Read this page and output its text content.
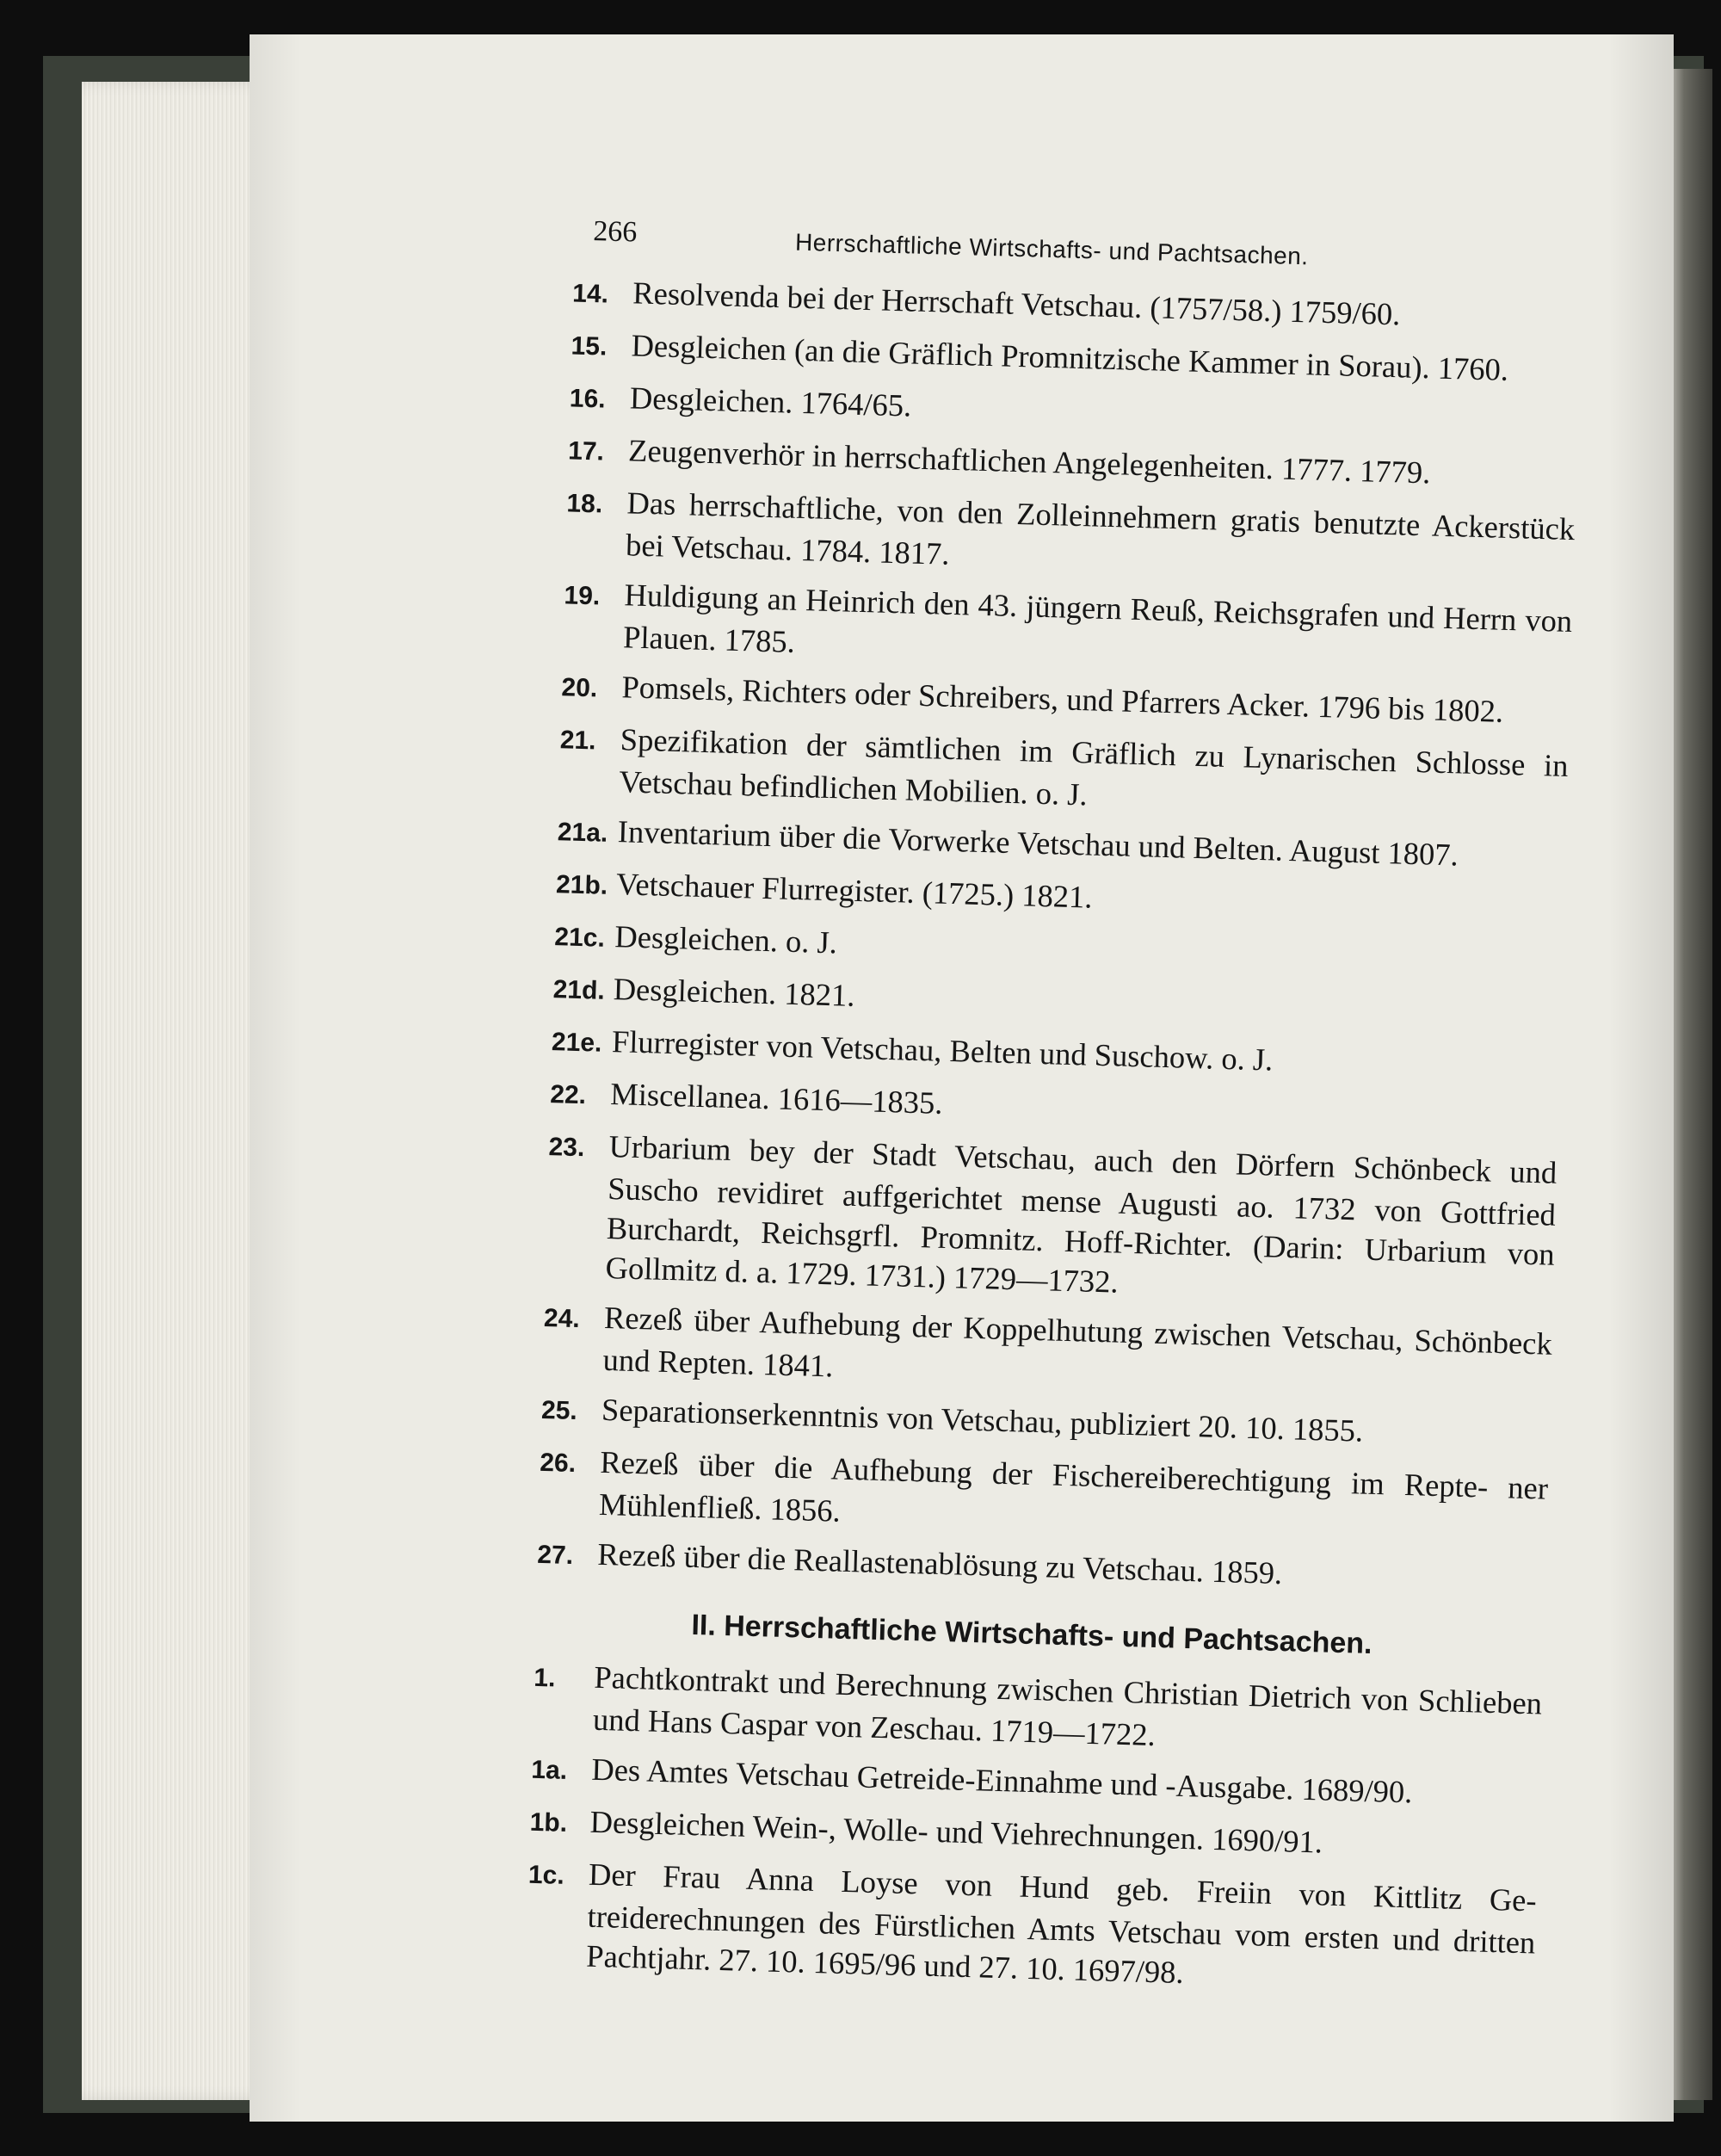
266	Herrschaftliche Wirtschafts- und Pachtsachen.
14. Resolvenda bei der Herrschaft Vetschau. (1757/58.) 1759/60.
15. Desgleichen (an die Gräflich Promnitzische Kammer in Sorau). 1760.
16. Desgleichen. 1764/65.
17. Zeugenverhör in herrschaftlichen Angelegenheiten. 1777. 1779.
18. Das herrschaftliche, von den Zolleinnehmern gratis benutzte Ackerstück bei Vetschau. 1784. 1817.
19. Huldigung an Heinrich den 43. jüngern Reuß, Reichsgrafen und Herrn von Plauen. 1785.
20. Pomsels, Richters oder Schreibers, und Pfarrers Acker. 1796 bis 1802.
21. Spezifikation der sämtlichen im Gräflich zu Lynarischen Schlosse in Vetschau befindlichen Mobilien. o. J.
21a. Inventarium über die Vorwerke Vetschau und Belten. August 1807.
21b. Vetschauer Flurregister. (1725.) 1821.
21c. Desgleichen. o. J.
21d. Desgleichen. 1821.
21e. Flurregister von Vetschau, Belten und Suschow. o. J.
22. Miscellanea. 1616—1835.
23. Urbarium bey der Stadt Vetschau, auch den Dörfern Schönbeck und Suscho revidiret auffgerichtet mense Augusti ao. 1732 von Gottfried Burchardt, Reichsgrfl. Promnitz. Hoff-Richter. (Darin: Urbarium von Gollmitz d. a. 1729. 1731.) 1729—1732.
24. Rezeß über Aufhebung der Koppelhutung zwischen Vetschau, Schönbeck und Repten. 1841.
25. Separationserkenntnis von Vetschau, publiziert 20. 10. 1855.
26. Rezeß über die Aufhebung der Fischereiberechtigung im Repte- ner Mühlenfließ. 1856.
27. Rezeß über die Reallastenablösung zu Vetschau. 1859.
II. Herrschaftliche Wirtschafts- und Pachtsachen.
1. Pachtkontrakt und Berechnung zwischen Christian Dietrich von Schlieben und Hans Caspar von Zeschau. 1719—1722.
1a. Des Amtes Vetschau Getreide-Einnahme und -Ausgabe. 1689/90.
1b. Desgleichen Wein-, Wolle- und Viehrechnungen. 1690/91.
1c. Der Frau Anna Loyse von Hund geb. Freiin von Kittlitz Ge- treiderechnungen des Fürstlichen Amts Vetschau vom ersten und dritten Pachtjahr. 27. 10. 1695/96 und 27. 10. 1697/98.
